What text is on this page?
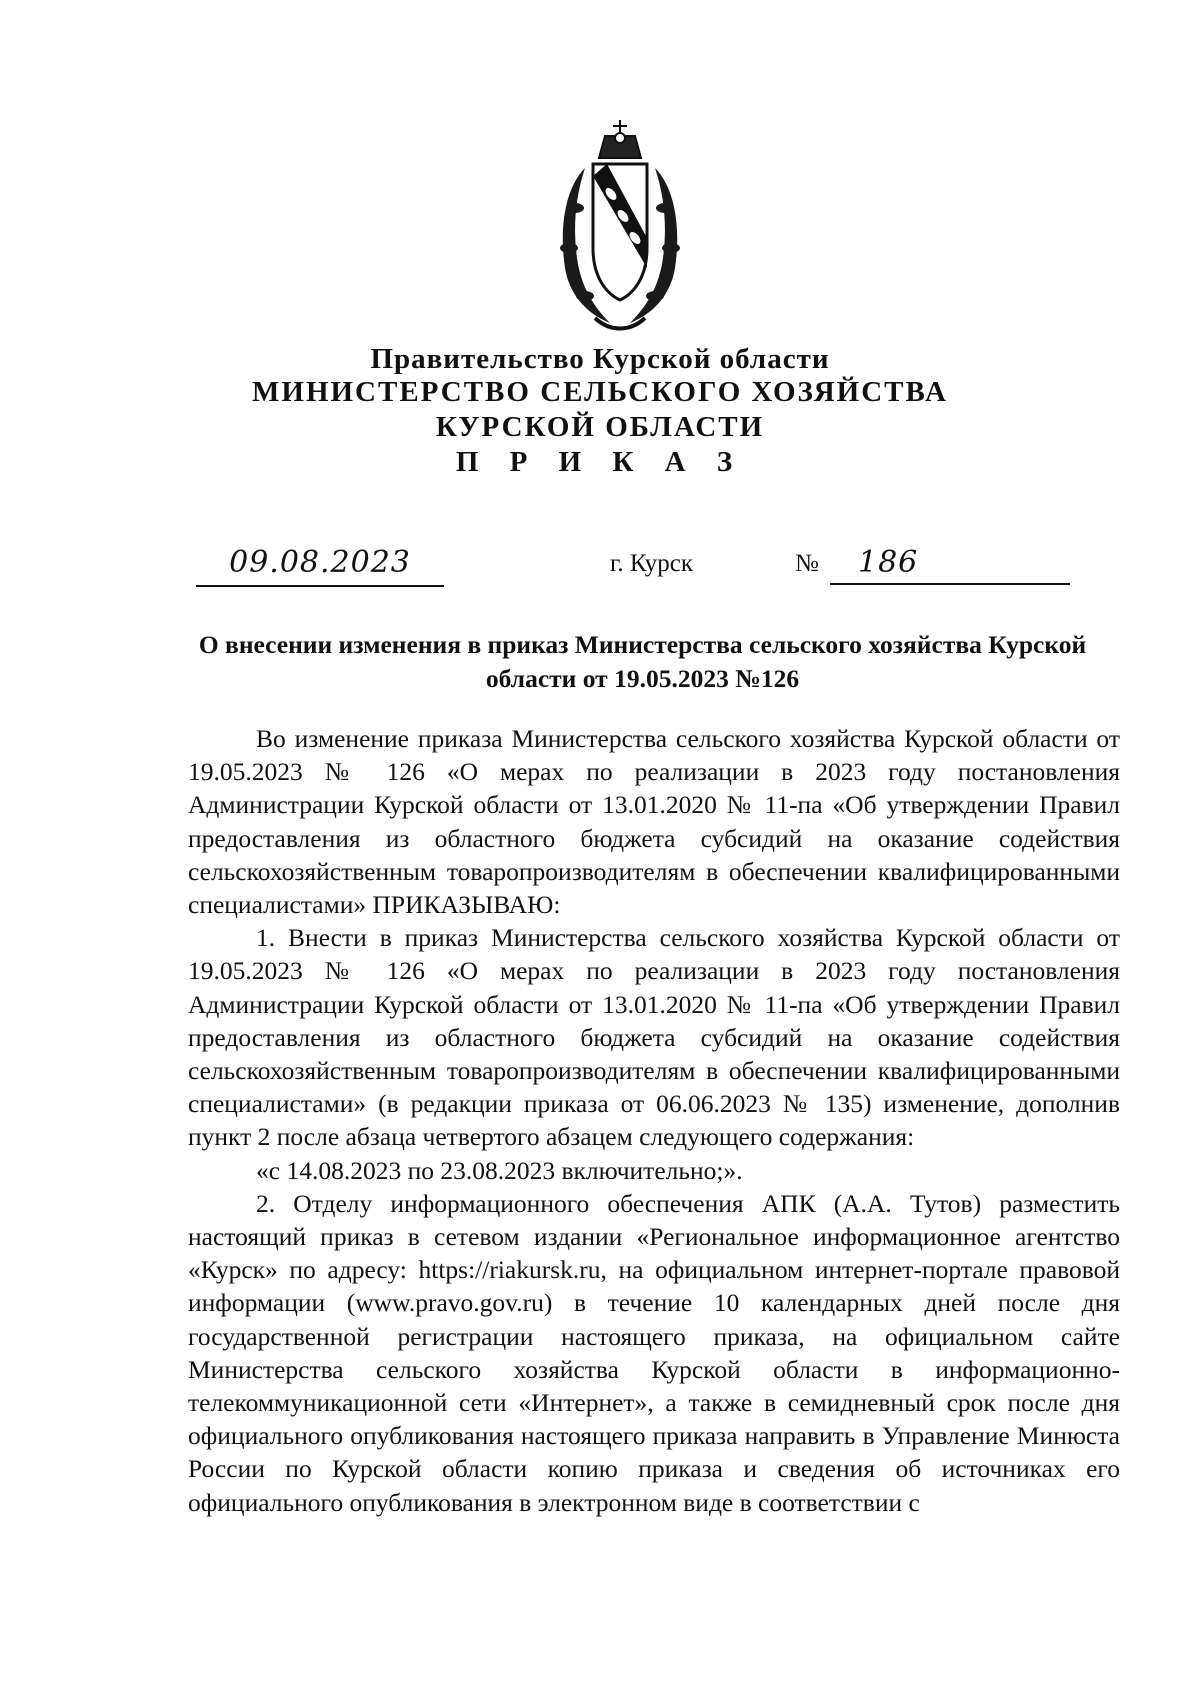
Правительство Курской области
МИНИСТЕРСТВО СЕЛЬСКОГО ХОЗЯЙСТВА
КУРСКОЙ ОБЛАСТИ
П Р И К А З
09.08.2023	г. Курск	№	186
О внесении изменения в приказ Министерства сельского хозяйства Курской области от 19.05.2023 №126

Во изменение приказа Министерства сельского хозяйства Курской области от 19.05.2023 № 126 «О мерах по реализации в 2023 году постановления Администрации Курской области от 13.01.2020 № 11-па «Об утверждении Правил предоставления из областного бюджета субсидий на оказание содействия сельскохозяйственным товаропроизводителям в обеспечении квалифицированными специалистами» ПРИКАЗЫВАЮ:

1. Внести в приказ Министерства сельского хозяйства Курской области от 19.05.2023 № 126 «О мерах по реализации в 2023 году постановления Администрации Курской области от 13.01.2020 № 11-па «Об утверждении Правил предоставления из областного бюджета субсидий на оказание содействия сельскохозяйственным товаропроизводителям в обеспечении квалифицированными специалистами» (в редакции приказа от 06.06.2023 № 135) изменение, дополнив пункт 2 после абзаца четвертого абзацем следующего содержания:

«с 14.08.2023 по 23.08.2023 включительно;».

2. Отделу информационного обеспечения АПК (А.А. Тутов) разместить настоящий приказ в сетевом издании «Региональное информационное агентство «Курск» по адресу: https://riakursk.ru, на официальном интернет-портале правовой информации (www.pravo.gov.ru) в течение 10 календарных дней после дня государственной регистрации настоящего приказа, на официальном сайте Министерства сельского хозяйства Курской области в информационно-телекоммуникационной сети «Интернет», а также в семидневный срок после дня официального опубликования настоящего приказа направить в Управление Минюста России по Курской области копию приказа и сведения об источниках его официального опубликования в электронном виде в соответствии с
